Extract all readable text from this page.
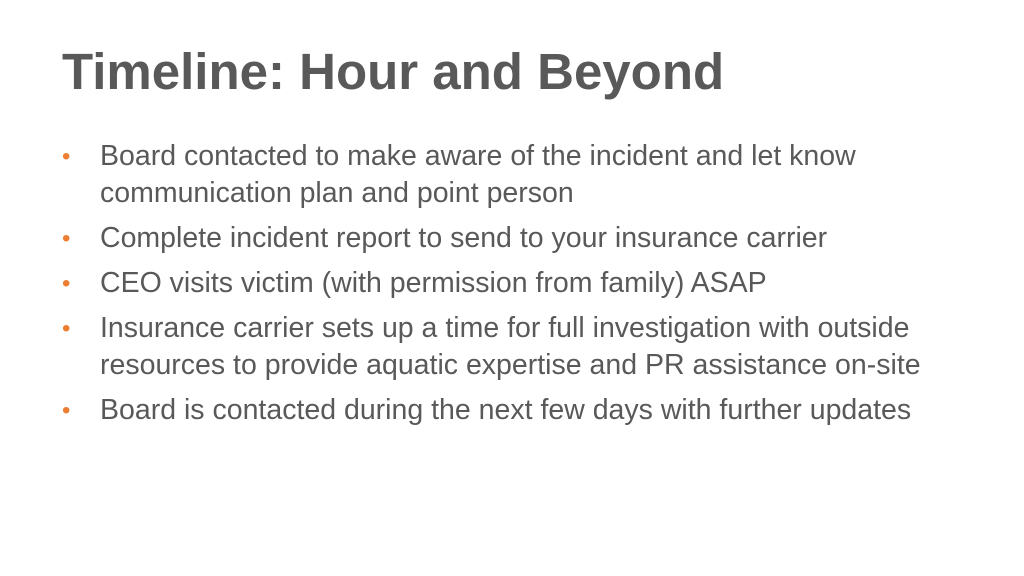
Timeline: Hour and Beyond
•	Board contacted to make aware of the incident and let know communication plan and point person
•	Complete incident report to send to your insurance carrier
•	CEO visits victim (with permission from family) ASAP
•	Insurance carrier sets up a time for full investigation with outside resources to provide aquatic expertise and PR assistance on-site
•	Board is contacted during the next few days with further updates
